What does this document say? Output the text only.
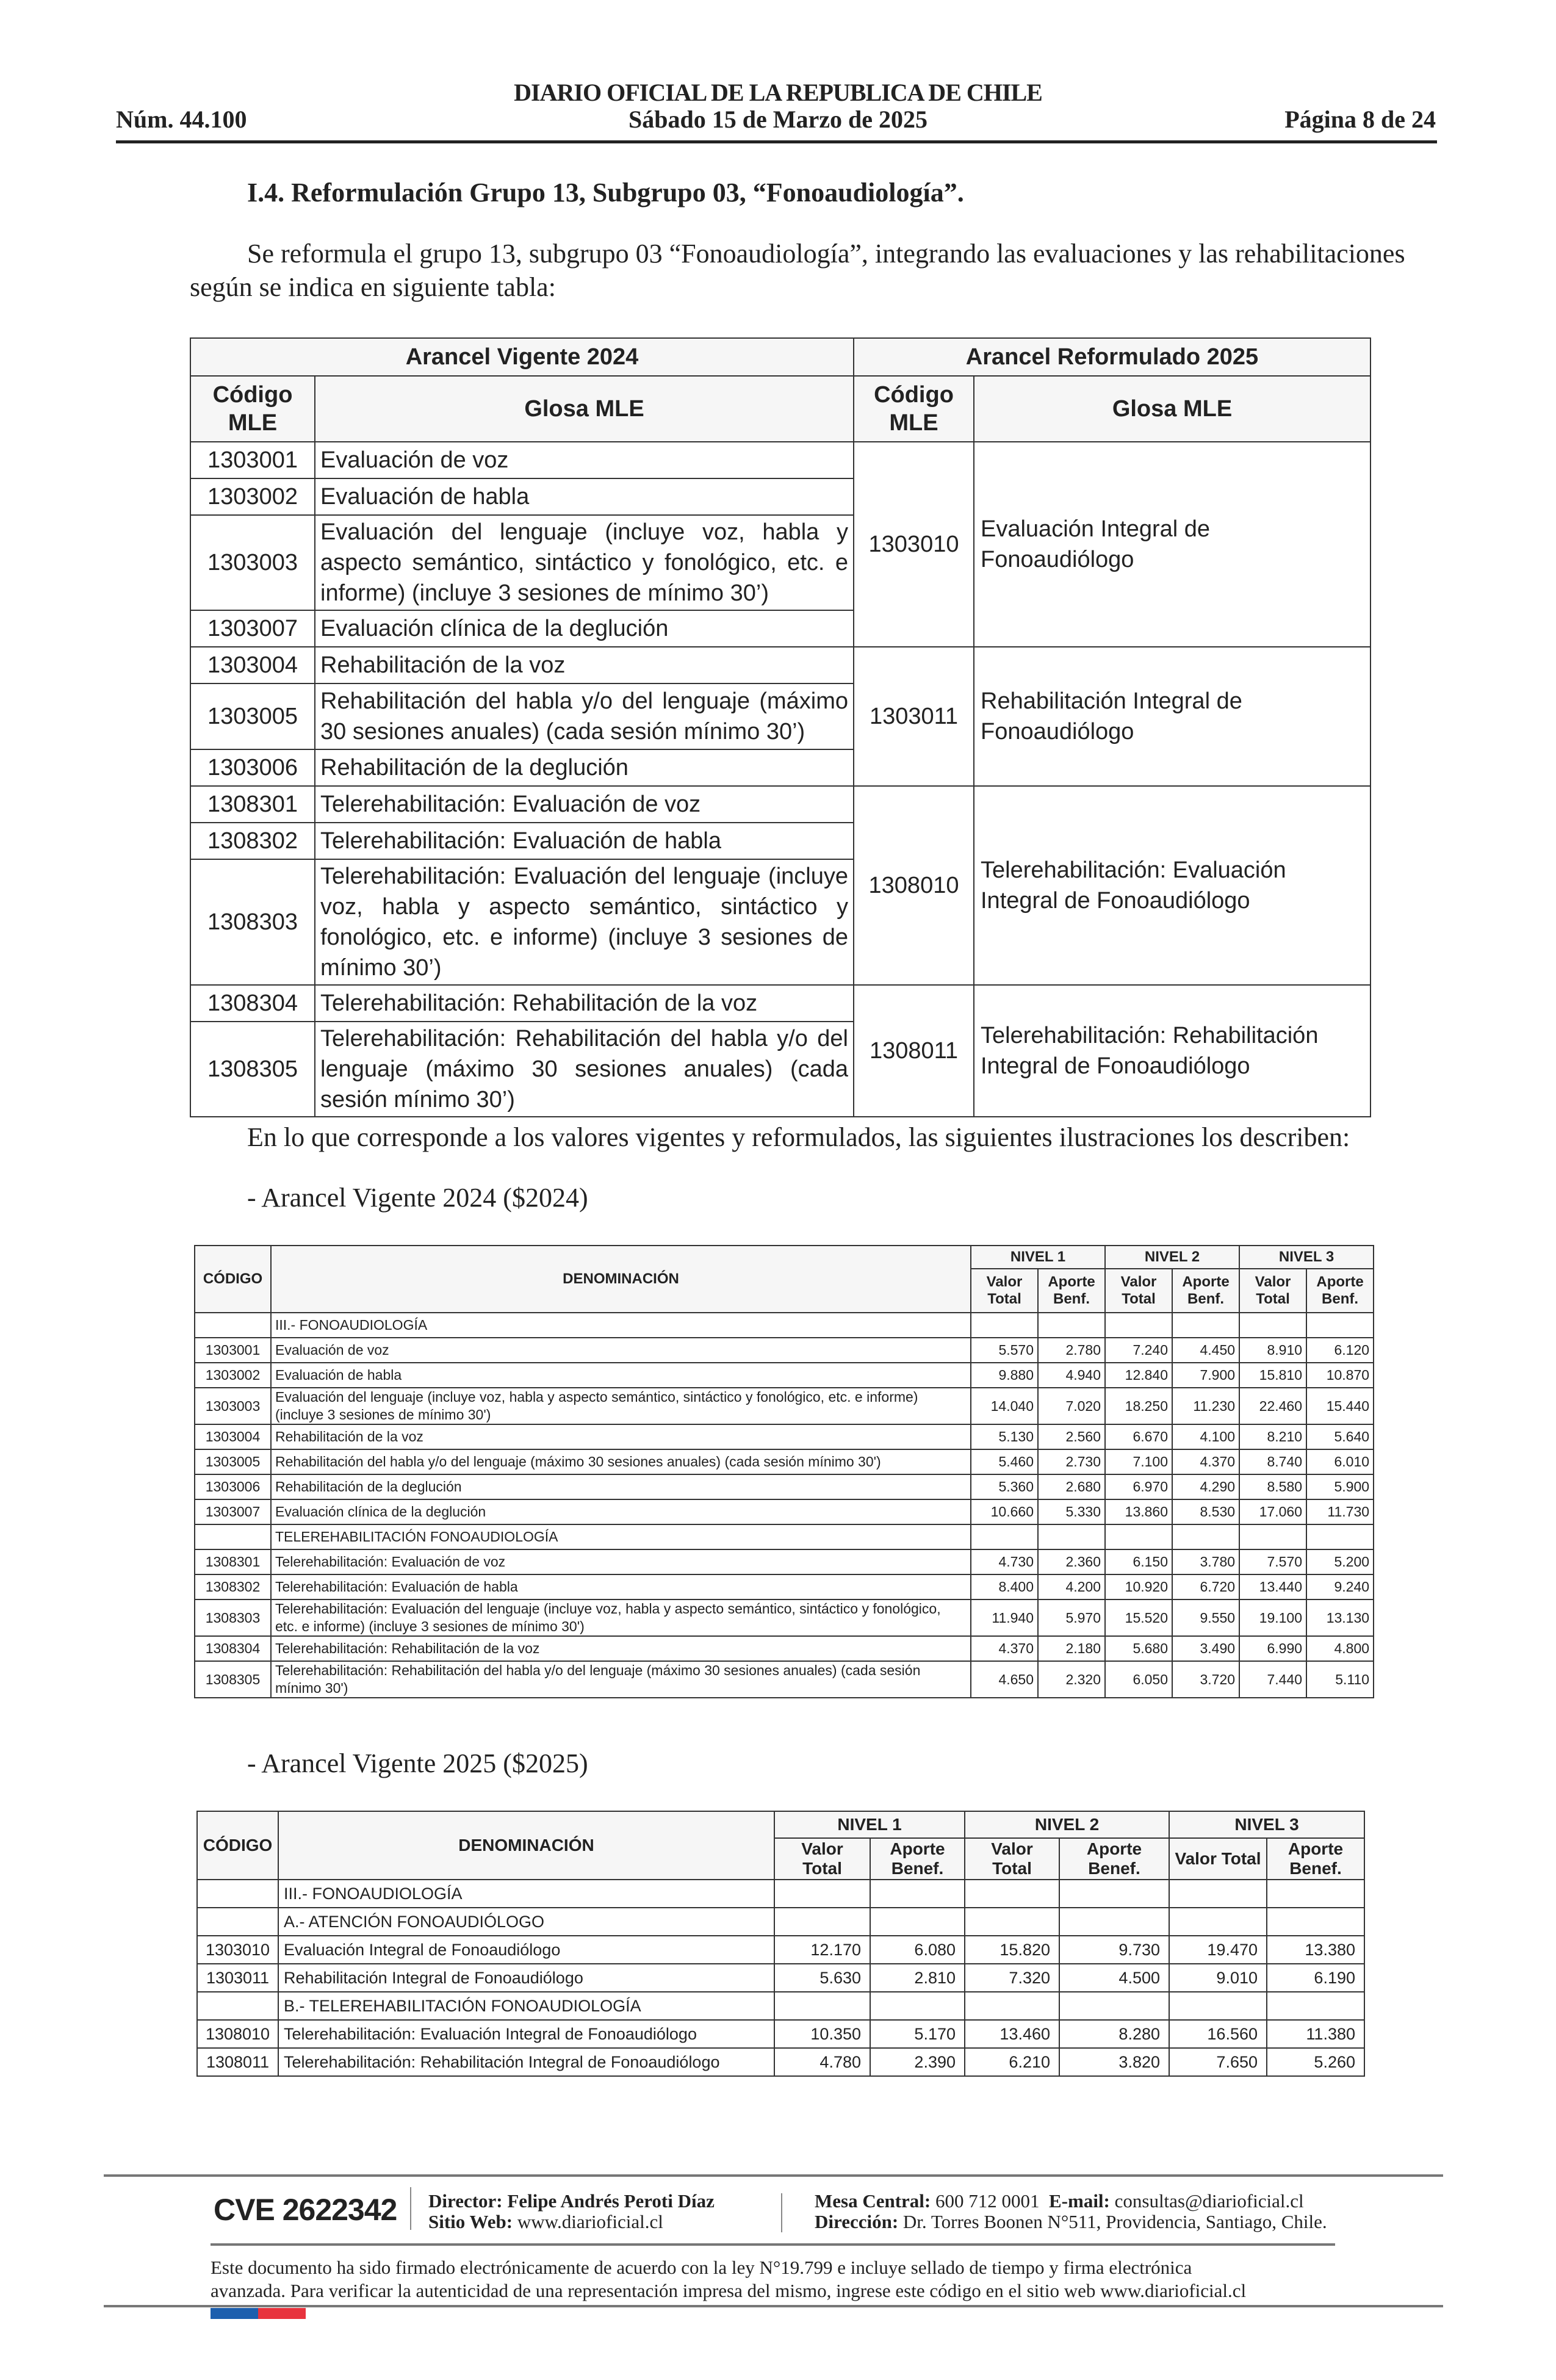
DIARIO OFICIAL DE LA REPUBLICA DE CHILE
Núm. 44.100	Sábado 15 de Marzo de 2025	Página 8 de 24
I.4. Reformulación Grupo 13, Subgrupo 03, “Fonoaudiología”.
Se reformula el grupo 13, subgrupo 03 “Fonoaudiología”, integrando las evaluaciones y las rehabilitaciones
según se indica en siguiente tabla:
Arancel Vigente 2024		Arancel Reformulado 2025	
Código MLE	Glosa MLE	Código MLE	Glosa MLE
1303001	Evaluación de voz	1303010	Evaluación Integral de Fonoaudiólogo
1303002	Evaluación de habla		
1303003	Evaluación del lenguaje (incluye voz, habla y aspecto semántico, sintáctico y fonológico, etc. e informe) (incluye 3 sesiones de mínimo 30’)		
1303007	Evaluación clínica de la deglución		
1303004	Rehabilitación de la voz	1303011	Rehabilitación Integral de Fonoaudiólogo
1303005	Rehabilitación del habla y/o del lenguaje (máximo 30 sesiones anuales) (cada sesión mínimo 30’)		
1303006	Rehabilitación de la deglución		
1308301	Telerehabilitación: Evaluación de voz	1308010	Telerehabilitación: Evaluación Integral de Fonoaudiólogo
1308302	Telerehabilitación: Evaluación de habla		
1308303	Telerehabilitación: Evaluación del lenguaje (incluye voz, habla y aspecto semántico, sintáctico y fonológico, etc. e informe) (incluye 3 sesiones de mínimo 30’)		
1308304	Telerehabilitación: Rehabilitación de la voz	1308011	Telerehabilitación: Rehabilitación Integral de Fonoaudiólogo
1308305	Telerehabilitación: Rehabilitación del habla y/o del lenguaje (máximo 30 sesiones anuales) (cada sesión mínimo 30’)		
En lo que corresponde a los valores vigentes y reformulados, las siguientes ilustraciones los describen:
- Arancel Vigente 2024 ($2024)
CÓDIGO	DENOMINACIÓN	NIVEL 1		NIVEL 2		NIVEL 3	
		Valor Total	Aporte Benf.	Valor Total	Aporte Benf.	Valor Total	Aporte Benf.
	III.- FONOAUDIOLOGÍA						
1303001	Evaluación de voz	5.570	2.780	7.240	4.450	8.910	6.120
1303002	Evaluación de habla	9.880	4.940	12.840	7.900	15.810	10.870
1303003	Evaluación del lenguaje (incluye voz, habla y aspecto semántico, sintáctico y fonológico, etc. e informe) (incluye 3 sesiones de mínimo 30')	14.040	7.020	18.250	11.230	22.460	15.440
1303004	Rehabilitación de la voz	5.130	2.560	6.670	4.100	8.210	5.640
1303005	Rehabilitación del habla y/o del lenguaje (máximo 30 sesiones anuales) (cada sesión mínimo 30')	5.460	2.730	7.100	4.370	8.740	6.010
1303006	Rehabilitación de la deglución	5.360	2.680	6.970	4.290	8.580	5.900
1303007	Evaluación clínica de la deglución	10.660	5.330	13.860	8.530	17.060	11.730
	TELEREHABILITACIÓN FONOAUDIOLOGÍA						
1308301	Telerehabilitación: Evaluación de voz	4.730	2.360	6.150	3.780	7.570	5.200
1308302	Telerehabilitación: Evaluación de habla	8.400	4.200	10.920	6.720	13.440	9.240
1308303	Telerehabilitación: Evaluación del lenguaje (incluye voz, habla y aspecto semántico, sintáctico y fonológico, etc. e informe) (incluye 3 sesiones de mínimo 30')	11.940	5.970	15.520	9.550	19.100	13.130
1308304	Telerehabilitación: Rehabilitación de la voz	4.370	2.180	5.680	3.490	6.990	4.800
1308305	Telerehabilitación: Rehabilitación del habla y/o del lenguaje (máximo 30 sesiones anuales) (cada sesión mínimo 30')	4.650	2.320	6.050	3.720	7.440	5.110
- Arancel Vigente 2025 ($2025)
CÓDIGO	DENOMINACIÓN	NIVEL 1		NIVEL 2		NIVEL 3	
		Valor Total	Aporte Benef.	Valor Total	Aporte Benef.	Valor Total	Aporte Benef.
	III.- FONOAUDIOLOGÍA						
	A.- ATENCIÓN FONOAUDIÓLOGO						
1303010	Evaluación Integral de Fonoaudiólogo	12.170	6.080	15.820	9.730	19.470	13.380
1303011	Rehabilitación Integral de Fonoaudiólogo	5.630	2.810	7.320	4.500	9.010	6.190
	B.- TELEREHABILITACIÓN FONOAUDIOLOGÍA						
1308010	Telerehabilitación: Evaluación Integral de Fonoaudiólogo	10.350	5.170	13.460	8.280	16.560	11.380
1308011	Telerehabilitación: Rehabilitación Integral de Fonoaudiólogo	4.780	2.390	6.210	3.820	7.650	5.260
CVE 2622342 Director: Felipe Andrés Peroti Díaz
Sitio Web: www.diarioficial.cl
Mesa Central: 600 712 0001 E-mail: consultas@diarioficial.cl
Dirección: Dr. Torres Boonen N°511, Providencia, Santiago, Chile.
Este documento ha sido firmado electrónicamente de acuerdo con la ley N°19.799 e incluye sellado de tiempo y firma electrónica
avanzada. Para verificar la autenticidad de una representación impresa del mismo, ingrese este código en el sitio web www.diarioficial.cl
